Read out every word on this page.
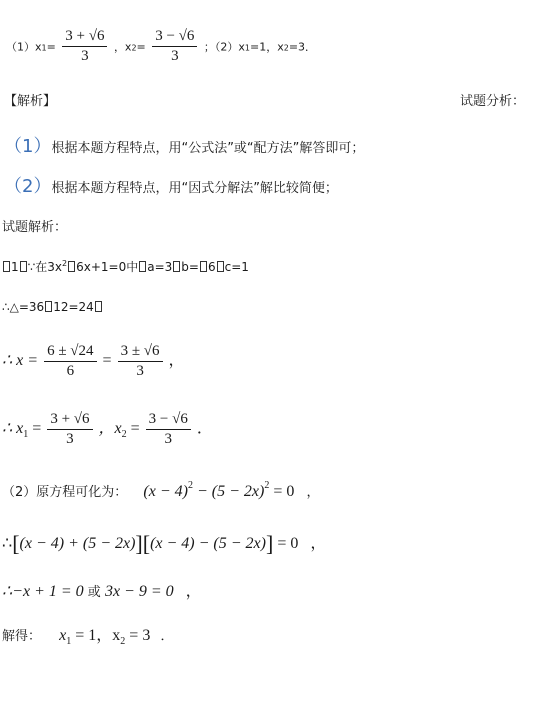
$(1)x1= \frac{3 + √6}{3}$ ，$x2= \frac{3 - √6}{3}$ ；（2）x1=1，x2=3．
【解析】	试题分析：
（1）根据本题方程特点，用“公式法”或“配方法”解答即可；
（2）根据本题方程特点，用“因式分解法”解比较简便；
试题解析：
1 ∵在$3x^2$ 6x+1=0中 a=3 b= 6 c=1
∴△=36 12=24
∴ $x = \frac{6 \pm √24}{6} = \frac{3 \pm √6}{3}$ ，
∴ $x_1 = \frac{3 + √6}{3}$ ，$x_2 = \frac{3 - √6}{3}$ ．
（2）原方程可化为： $(x - 4)^2 - (5 - 2x)^2 = 0$ ，
∴[(x − 4) + (5 − 2x)][(x − 4) − (5 − 2x)] = 0 ，
∴−x + 1 = 0 或 3x − 9 = 0 ，
解得： $x_1 = 1$，$x_2 = 3$ ．
